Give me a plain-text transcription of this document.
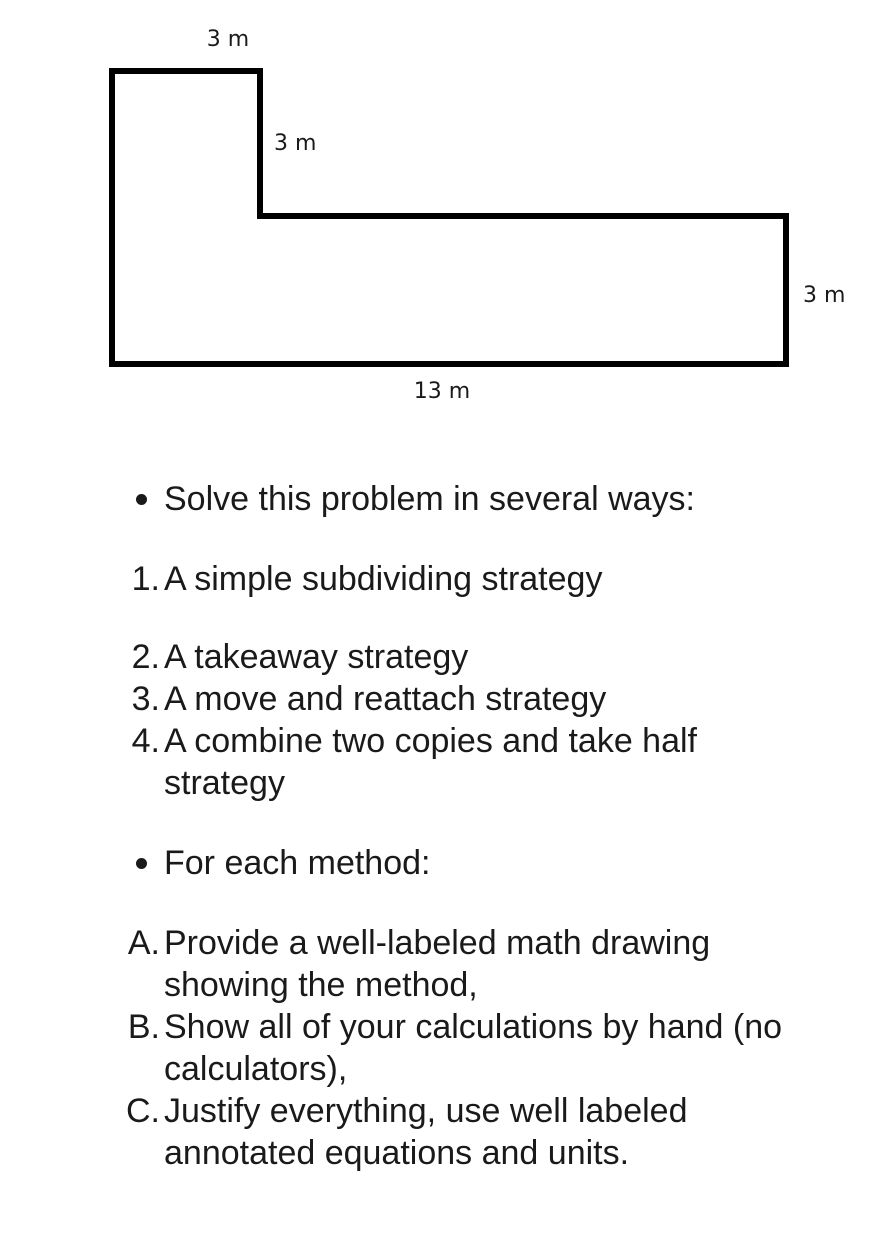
3 m
3 m
3 m
13 m
Solve this problem in several ways:
1. A simple subdividing strategy
2. A takeaway strategy
3. A move and reattach strategy
4. A combine two copies and take half strategy
For each method:
A. Provide a well-labeled math drawing showing the method,
B. Show all of your calculations by hand (no calculators),
C. Justify everything, use well labeled annotated equations and units.
